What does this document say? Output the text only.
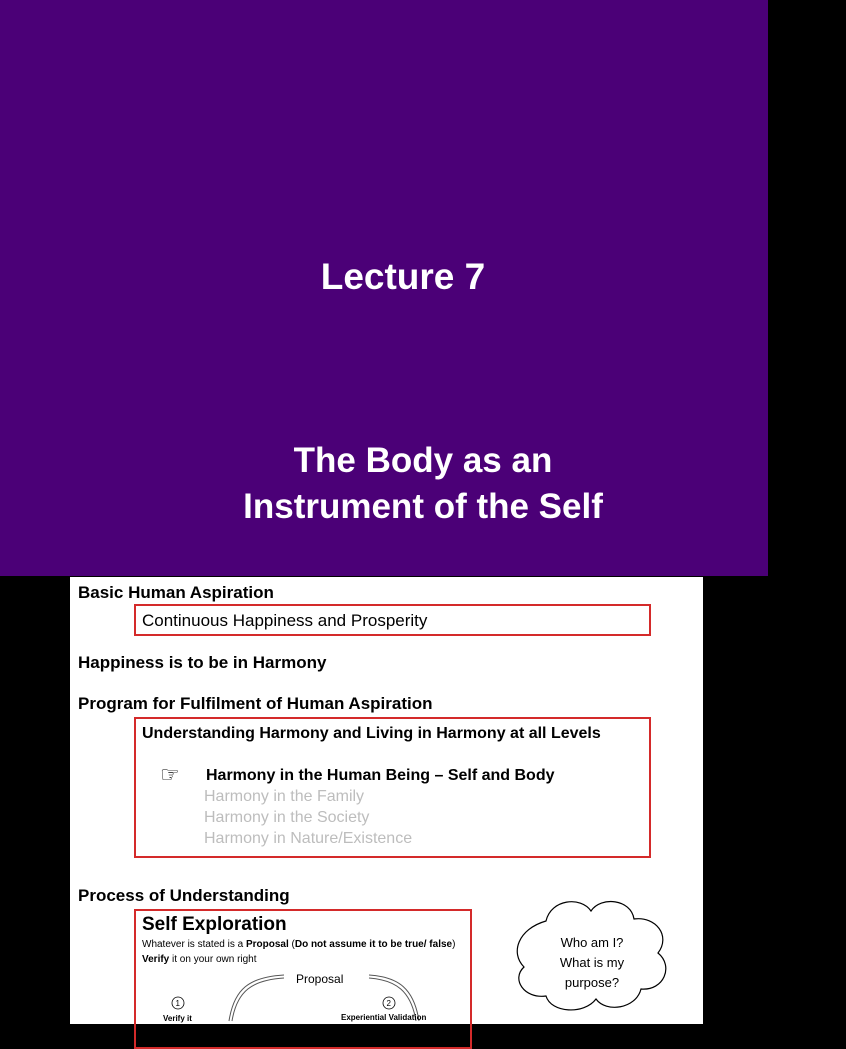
Lecture 7
The Body as an
Instrument of the Self
Basic Human Aspiration
Continuous Happiness and Prosperity
Happiness is to be in Harmony
Program for Fulfilment of Human Aspiration
Understanding Harmony and Living in Harmony at all Levels
☞ Harmony in the Human Being – Self and Body
Harmony in the Family
Harmony in the Society
Harmony in Nature/Existence
Process of Understanding
Self Exploration
Whatever is stated is a Proposal (Do not assume it to be true/ false)
Verify it on your own right
Proposal
1
Verify it
on the basis
2
Experiential Validation
Who am I?
What is my
purpose?
